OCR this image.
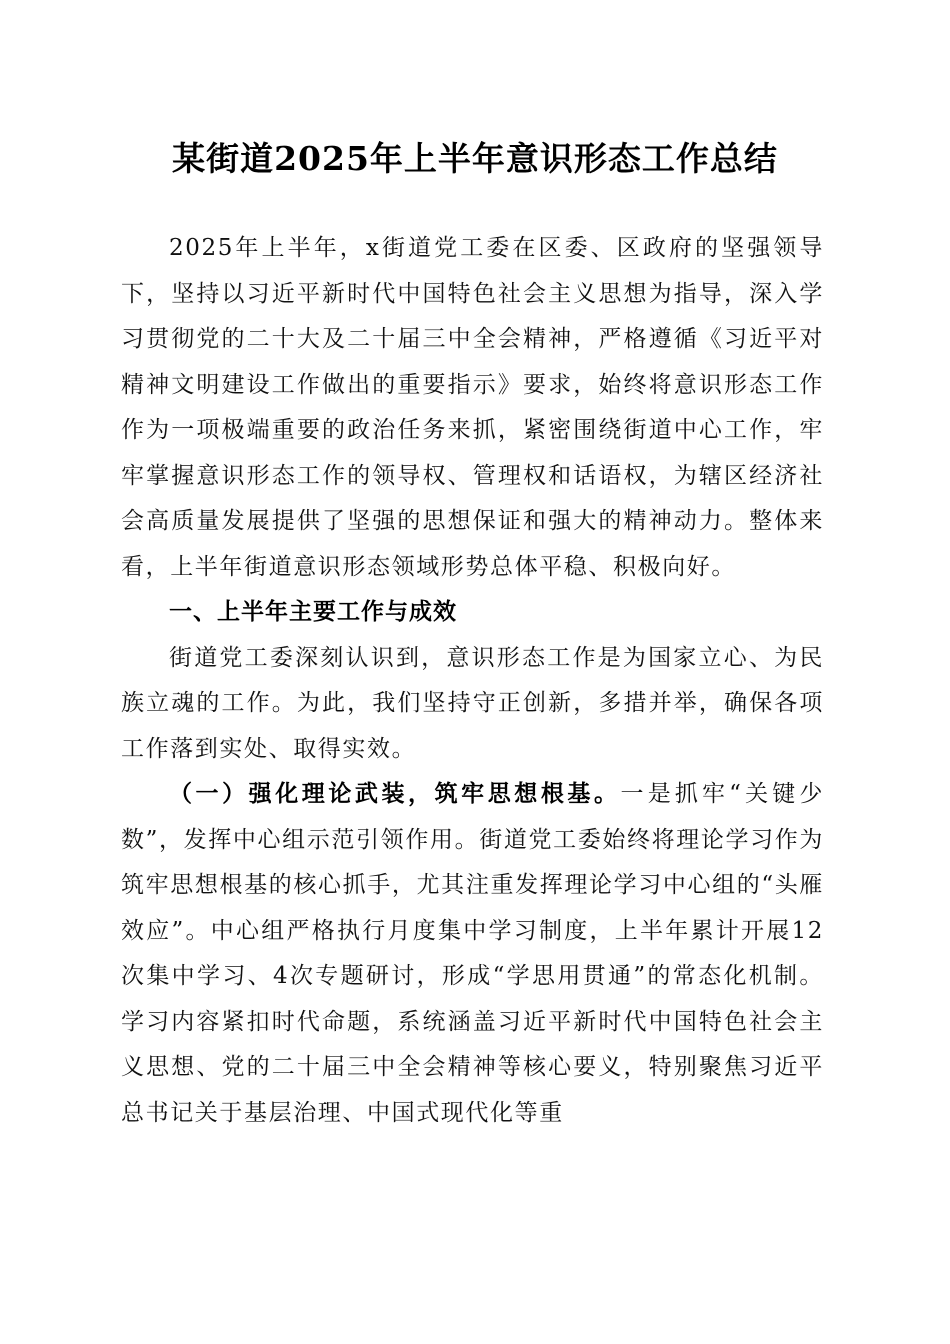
某街道2025年上半年意识形态工作总结

2025年上半年，x街道党工委在区委、区政府的坚强领导下，坚持以习近平新时代中国特色社会主义思想为指导，深入学习贯彻党的二十大及二十届三中全会精神，严格遵循《习近平对精神文明建设工作做出的重要指示》要求，始终将意识形态工作作为一项极端重要的政治任务来抓，紧密围绕街道中心工作，牢牢掌握意识形态工作的领导权、管理权和话语权，为辖区经济社会高质量发展提供了坚强的思想保证和强大的精神动力。整体来看，上半年街道意识形态领域形势总体平稳、积极向好。

一、上半年主要工作与成效

街道党工委深刻认识到，意识形态工作是为国家立心、为民族立魂的工作。为此，我们坚持守正创新，多措并举，确保各项工作落到实处、取得实效。

（一）强化理论武装，筑牢思想根基。一是抓牢“关键少数”，发挥中心组示范引领作用。街道党工委始终将理论学习作为筑牢思想根基的核心抓手，尤其注重发挥理论学习中心组的“头雁效应”。中心组严格执行月度集中学习制度，上半年累计开展12次集中学习、4次专题研讨，形成“学思用贯通”的常态化机制。学习内容紧扣时代命题，系统涵盖习近平新时代中国特色社会主义思想、党的二十届三中全会精神等核心要义，特别聚焦习近平总书记关于基层治理、中国式现代化等重
